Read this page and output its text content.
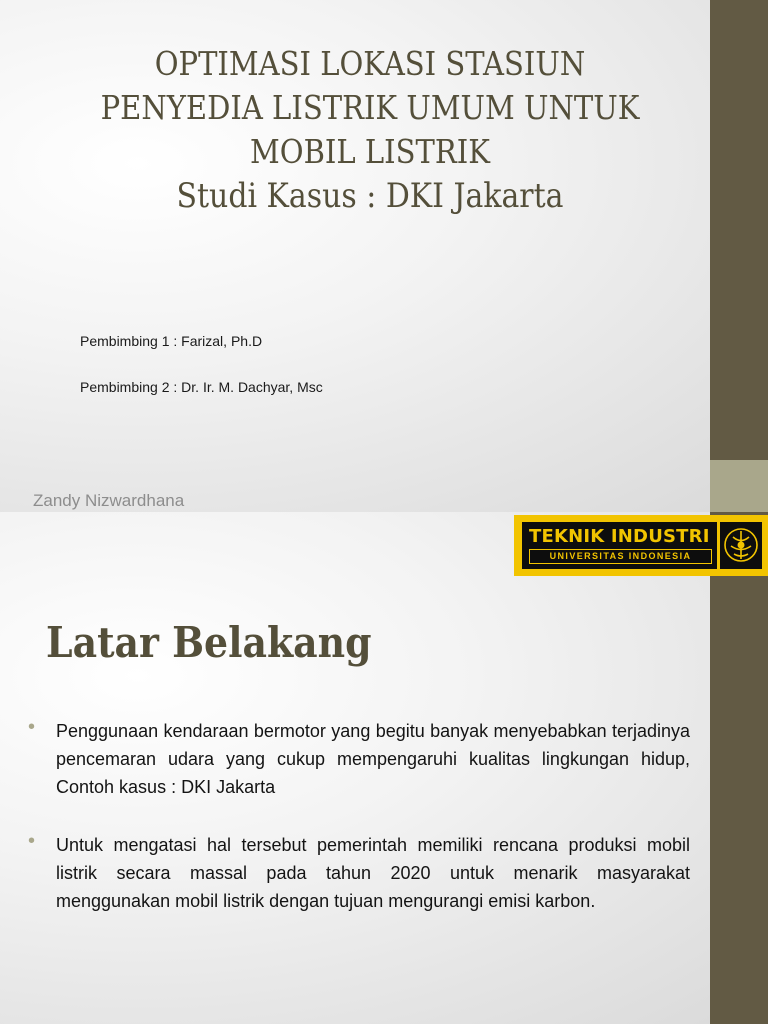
OPTIMASI LOKASI STASIUN
PENYEDIA LISTRIK UMUM UNTUK
MOBIL LISTRIK
Studi Kasus : DKI Jakarta
Pembimbing 1 : Farizal, Ph.D
Pembimbing 2 : Dr. Ir. M. Dachyar, Msc
Zandy Nizwardhana
TEKNIK INDUSTRI
UNIVERSITAS INDONESIA
Latar Belakang
• Penggunaan kendaraan bermotor yang begitu banyak menyebabkan terjadinya pencemaran udara yang cukup mempengaruhi kualitas lingkungan hidup, Contoh kasus : DKI Jakarta
• Untuk mengatasi hal tersebut pemerintah memiliki rencana produksi mobil listrik secara massal pada tahun 2020 untuk menarik masyarakat menggunakan mobil listrik dengan tujuan mengurangi emisi karbon.
